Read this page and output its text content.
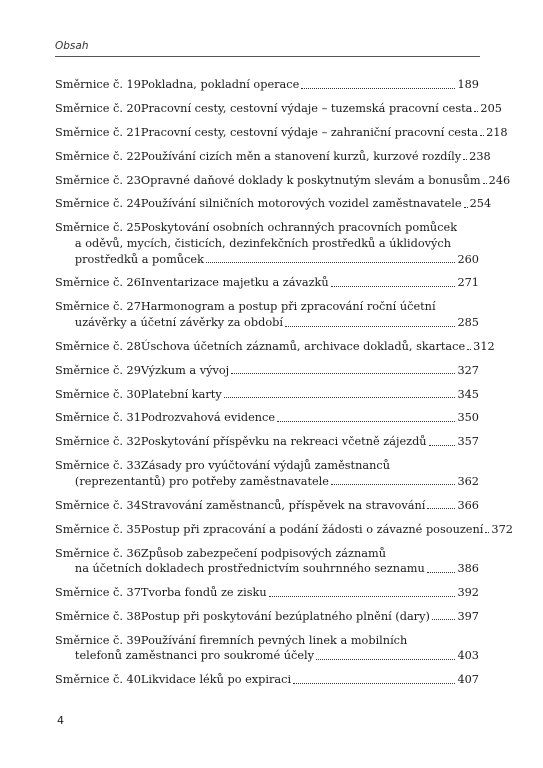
Obsah
Směrnice č. 19 Pokladna, pokladní operace	189
Směrnice č. 20 Pracovní cesty, cestovní výdaje – tuzemská pracovní cesta 205
Směrnice č. 21 Pracovní cesty, cestovní výdaje – zahraniční pracovní cesta 218
Směrnice č. 22 Používání cizích měn a stanovení kurzů, kurzové rozdíly 238
Směrnice č. 23 Opravné daňové doklady k poskytnutým slevám a bonusům 246
Směrnice č. 24 Používání silničních motorových vozidel zaměstnavatele 254
Směrnice č. 25 Poskytování osobních ochranných pracovních pomůcek
a oděvů, mycích, čisticích, dezinfekčních prostředků a úklidových
prostředků a pomůcek	260
Směrnice č. 26 Inventarizace majetku a závazků	271
Směrnice č. 27 Harmonogram a postup při zpracování roční účetní
uzávěrky a účetní závěrky za období	285
Směrnice č. 28 Úschova účetních záznamů, archivace dokladů, skartace 312
Směrnice č. 29 Výzkum a vývoj	327
Směrnice č. 30 Platební karty	345
Směrnice č. 31 Podrozvahová evidence	350
Směrnice č. 32 Poskytování příspěvku na rekreaci včetně zájezdů	357
Směrnice č. 33 Zásady pro vyúčtování výdajů zaměstnanců
(reprezentantů) pro potřeby zaměstnavatele	362
Směrnice č. 34 Stravování zaměstnanců, příspěvek na stravování	366
Směrnice č. 35 Postup při zpracování a podání žádosti o závazné posouzení 372
Směrnice č. 36 Způsob zabezpečení podpisových záznamů
na účetních dokladech prostřednictvím souhrnného seznamu	386
Směrnice č. 37 Tvorba fondů ze zisku	392
Směrnice č. 38 Postup při poskytování bezúplatného plnění (dary) 397
Směrnice č. 39 Používání firemních pevných linek a mobilních
telefonů zaměstnanci pro soukromé účely	403
Směrnice č. 40 Likvidace léků po expiraci	407
4
